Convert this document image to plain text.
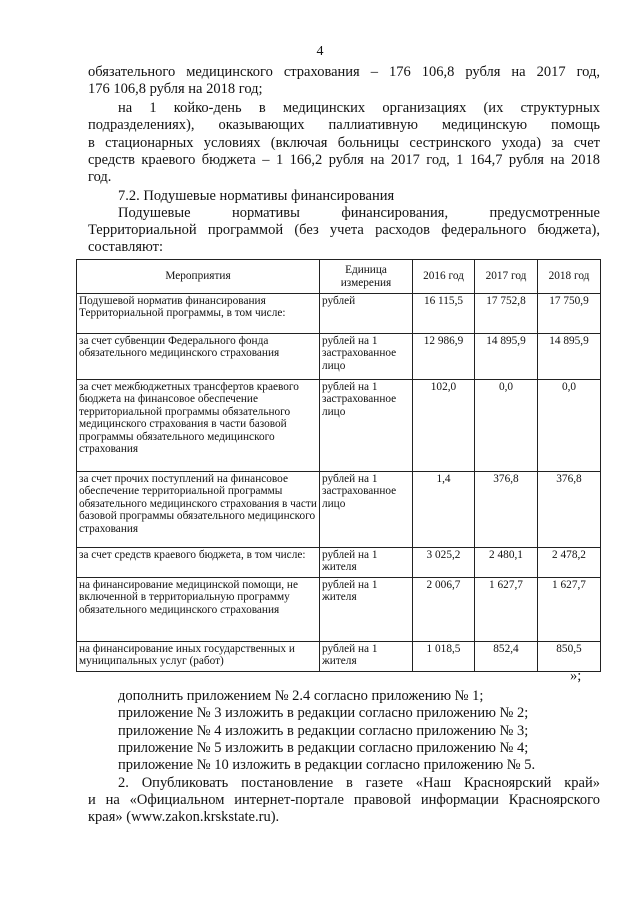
4

обязательного медицинского страхования – 176 106,8 рубля на 2017 год,

176 106,8 рубля на 2018 год;

на 1 койко-день в медицинских организациях (их структурных

подразделениях), оказывающих паллиативную медицинскую помощь

в стационарных условиях (включая больницы сестринского ухода) за счет

средств краевого бюджета – 1 166,2 рубля на 2017 год, 1 164,7 рубля на 2018

год.

7.2. Подушевые нормативы финансирования

Подушевые нормативы финансирования, предусмотренные

Территориальной программой (без учета расходов федерального бюджета),

составляют:

Мероприятия	Единица измерения	2016 год	2017 год	2018 год
Подушевой норматив финансирования Территориальной программы, в том числе:	рублей	16 115,5	17 752,8	17 750,9
за счет субвенции Федерального фонда обязательного медицинского страхования	рублей на 1 застрахованное лицо	12 986,9	14 895,9	14 895,9
за счет межбюджетных трансфертов краевого бюджета на финансовое обеспечение территориальной программы обязательного медицинского страхования в части базовой программы обязательного медицинского страхования	рублей на 1 застрахованное лицо	102,0	0,0	0,0
за счет прочих поступлений на финансовое обеспечение территориальной программы обязательного медицинского страхования в части базовой программы обязательного медицинского страхования	рублей на 1 застрахованное лицо	1,4	376,8	376,8
за счет средств краевого бюджета, в том числе:	рублей на 1 жителя	3 025,2	2 480,1	2 478,2
на финансирование медицинской помощи, не включенной в территориальную программу обязательного медицинского страхования	рублей на 1 жителя	2 006,7	1 627,7	1 627,7
на финансирование иных государственных и муниципальных услуг (работ)	рублей на 1 жителя	1 018,5	852,4	850,5
»;
дополнить приложением № 2.4 согласно приложению № 1;
приложение № 3 изложить в редакции согласно приложению № 2;
приложение № 4 изложить в редакции согласно приложению № 3;
приложение № 5 изложить в редакции согласно приложению № 4;
приложение № 10 изложить в редакции согласно приложению № 5.

2. Опубликовать постановление в газете «Наш Красноярский край»

и на «Официальном интернет-портале правовой информации Красноярского

края» (www.zakon.krskstate.ru).
